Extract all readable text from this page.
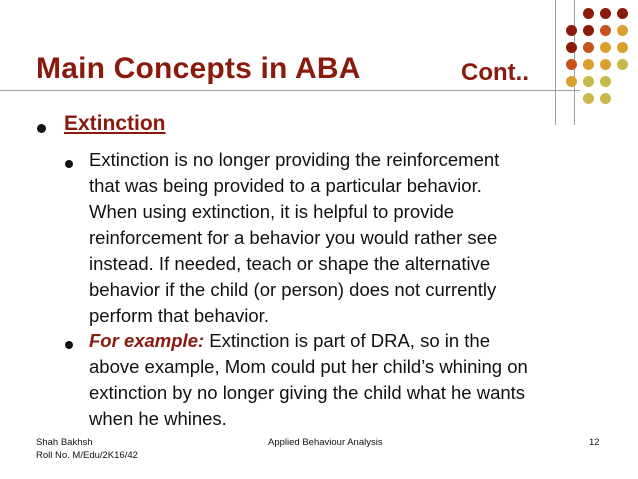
Main Concepts in ABA	Cont..
Extinction
Extinction is no longer providing the reinforcement
that was being provided to a particular behavior.
When using extinction, it is helpful to provide
reinforcement for a behavior you would rather see
instead. If needed, teach or shape the alternative
behavior if the child (or person) does not currently
perform that behavior.
For example: Extinction is part of DRA, so in the
above example, Mom could put her child’s whining on
extinction by no longer giving the child what he wants
when he whines.
Shah Bakhsh
Roll No. M/Edu/2K16/42
Applied Behaviour Analysis	12
